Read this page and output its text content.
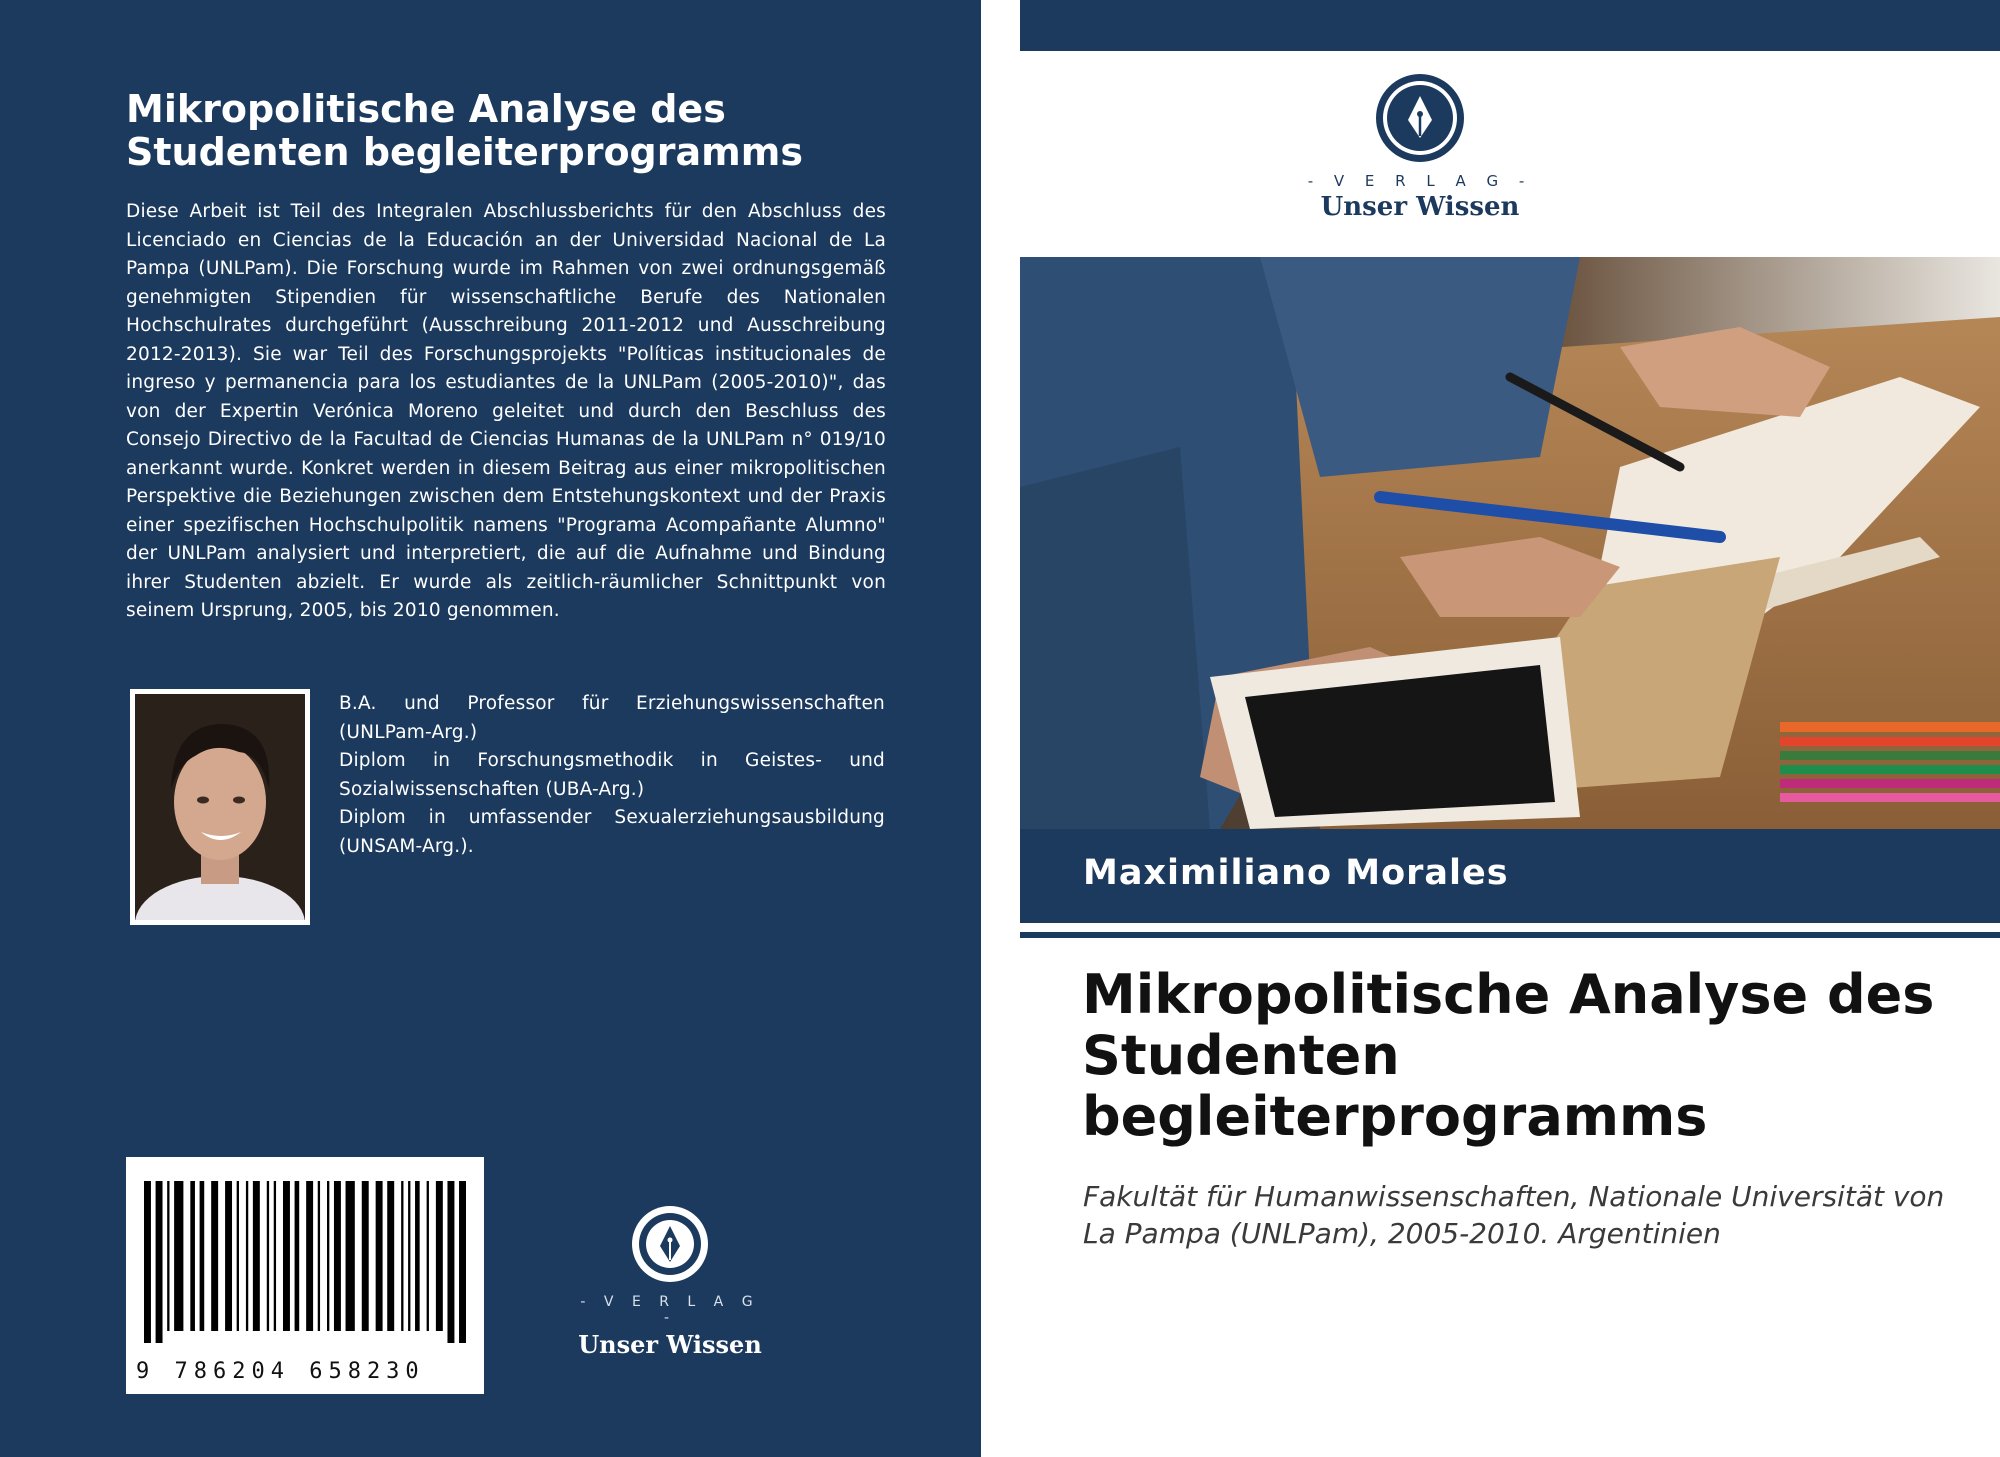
Mikropolitische Analyse des Studenten begleiterprogramms

Diese Arbeit ist Teil des Integralen Abschlussberichts für den Abschluss des Licenciado en Ciencias de la Educación an der Universidad Nacional de La Pampa (UNLPam). Die Forschung wurde im Rahmen von zwei ordnungsgemäß genehmigten Stipendien für wissenschaftliche Berufe des Nationalen Hochschulrates durchgeführt (Ausschreibung 2011-2012 und Ausschreibung 2012-2013). Sie war Teil des Forschungsprojekts "Políticas institucionales de ingreso y permanencia para los estudiantes de la UNLPam (2005-2010)", das von der Expertin Verónica Moreno geleitet und durch den Beschluss des Consejo Directivo de la Facultad de Ciencias Humanas de la UNLPam n° 019/10 anerkannt wurde. Konkret werden in diesem Beitrag aus einer mikropolitischen Perspektive die Beziehungen zwischen dem Entstehungskontext und der Praxis einer spezifischen Hochschulpolitik namens "Programa Acompañante Alumno" der UNLPam analysiert und interpretiert, die auf die Aufnahme und Bindung ihrer Studenten abzielt. Er wurde als zeitlich-räumlicher Schnittpunkt von seinem Ursprung, 2005, bis 2010 genommen.

B.A. und Professor für Erziehungswissenschaften (UNLPam-Arg.)

Diplom in Forschungsmethodik in Geistes- und Sozialwissenschaften (UBA-Arg.)

Diplom in umfassender Sexualerziehungsausbildung (UNSAM-Arg.).

9 786204 658230
- V E R L A G -
Unser Wissen
- V E R L A G -
Unser Wissen
Maximiliano Morales
Mikropolitische Analyse des Studenten begleiterprogramms

Fakultät für Humanwissenschaften, Nationale Universität von La Pampa (UNLPam), 2005-2010. Argentinien
